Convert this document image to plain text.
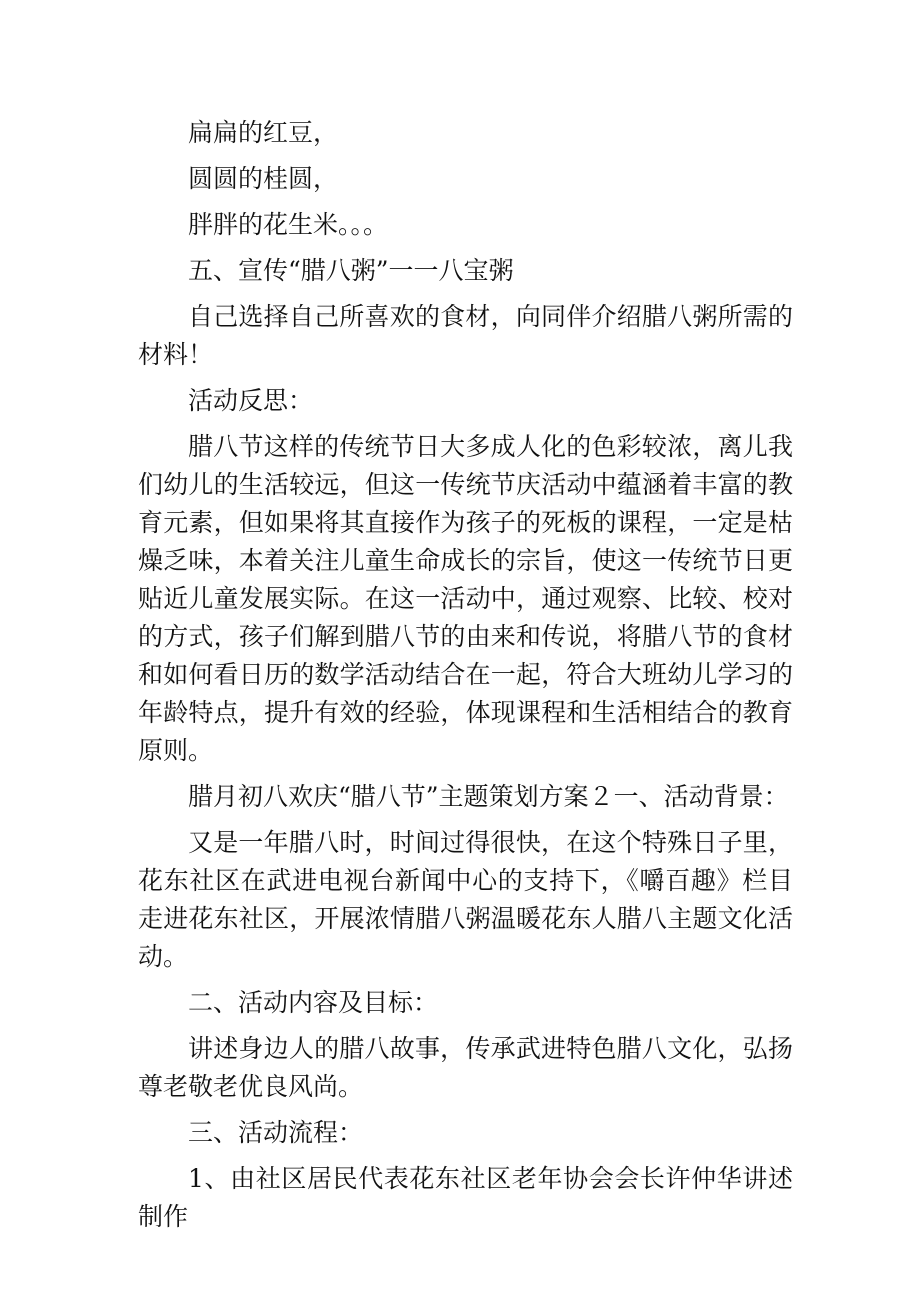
扁扁的红豆，

圆圆的桂圆，

胖胖的花生米。。。

五、宣传“腊八粥”一一八宝粥

自己选择自己所喜欢的食材，向同伴介绍腊八粥所需的材料！

活动反思：

腊八节这样的传统节日大多成人化的色彩较浓，离儿我们幼儿的生活较远，但这一传统节庆活动中蕴涵着丰富的教育元素，但如果将其直接作为孩子的死板的课程，一定是枯燥乏味，本着关注儿童生命成长的宗旨，使这一传统节日更贴近儿童发展实际。在这一活动中，通过观察、比较、校对的方式，孩子们解到腊八节的由来和传说，将腊八节的食材和如何看日历的数学活动结合在一起，符合大班幼儿学习的年龄特点，提升有效的经验，体现课程和生活相结合的教育原则。

腊月初八欢庆“腊八节”主题策划方案２一、活动背景：

又是一年腊八时，时间过得很快，在这个特殊日子里，花东社区在武进电视台新闻中心的支持下，《嚼百趣》栏目走进花东社区，开展浓情腊八粥温暖花东人腊八主题文化活动。

二、活动内容及目标：

讲述身边人的腊八故事，传承武进特色腊八文化，弘扬尊老敬老优良风尚。

三、活动流程：

1、由社区居民代表花东社区老年协会会长许仲华讲述制作
